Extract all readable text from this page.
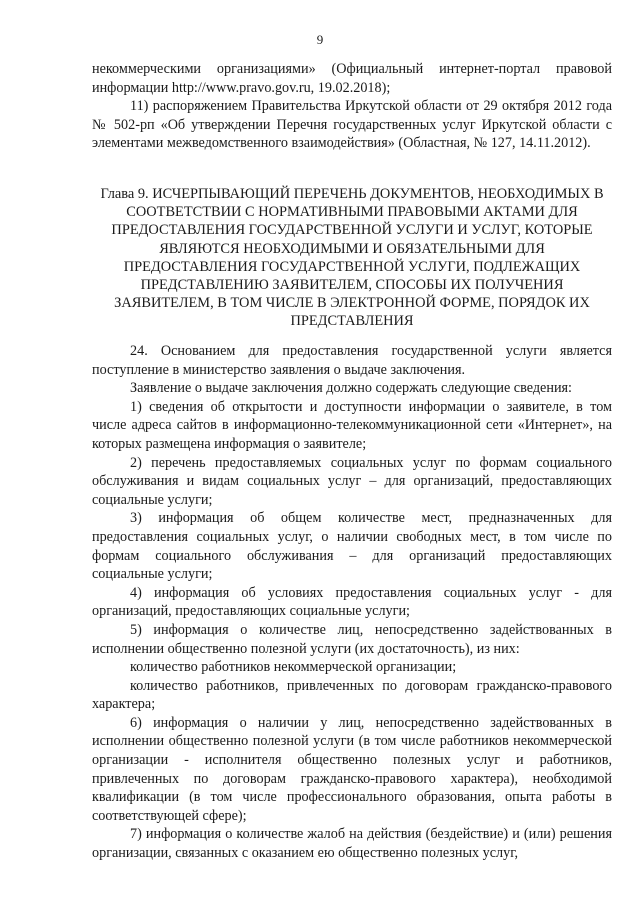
9

некоммерческими организациями» (Официальный интернет-портал правовой информации http://www.pravo.gov.ru, 19.02.2018);

11) распоряжением Правительства Иркутской области от 29 октября 2012 года № 502-рп «Об утверждении Перечня государственных услуг Иркутской области с элементами межведомственного взаимодействия» (Областная, № 127, 14.11.2012).

Глава 9. ИСЧЕРПЫВАЮЩИЙ ПЕРЕЧЕНЬ ДОКУМЕНТОВ, НЕОБХОДИМЫХ В СООТВЕТСТВИИ С НОРМАТИВНЫМИ ПРАВОВЫМИ АКТАМИ ДЛЯ ПРЕДОСТАВЛЕНИЯ ГОСУДАРСТВЕННОЙ УСЛУГИ И УСЛУГ, КОТОРЫЕ ЯВЛЯЮТСЯ НЕОБХОДИМЫМИ И ОБЯЗАТЕЛЬНЫМИ ДЛЯ ПРЕДОСТАВЛЕНИЯ ГОСУДАРСТВЕННОЙ УСЛУГИ, ПОДЛЕЖАЩИХ ПРЕДСТАВЛЕНИЮ ЗАЯВИТЕЛЕМ, СПОСОБЫ ИХ ПОЛУЧЕНИЯ ЗАЯВИТЕЛЕМ, В ТОМ ЧИСЛЕ В ЭЛЕКТРОННОЙ ФОРМЕ, ПОРЯДОК ИХ ПРЕДСТАВЛЕНИЯ

24. Основанием для предоставления государственной услуги является поступление в министерство заявления о выдаче заключения.

Заявление о выдаче заключения должно содержать следующие сведения:

1) сведения об открытости и доступности информации о заявителе, в том числе адреса сайтов в информационно-телекоммуникационной сети «Интернет», на которых размещена информация о заявителе;

2) перечень предоставляемых социальных услуг по формам социального обслуживания и видам социальных услуг – для организаций, предоставляющих социальные услуги;

3) информация об общем количестве мест, предназначенных для предоставления социальных услуг, о наличии свободных мест, в том числе по формам социального обслуживания – для организаций предоставляющих социальные услуги;

4) информация об условиях предоставления социальных услуг - для организаций, предоставляющих социальные услуги;

5) информация о количестве лиц, непосредственно задействованных в исполнении общественно полезной услуги (их достаточность), из них:

количество работников некоммерческой организации;

количество работников, привлеченных по договорам гражданско-правового характера;

6) информация о наличии у лиц, непосредственно задействованных в исполнении общественно полезной услуги (в том числе работников некоммерческой организации - исполнителя общественно полезных услуг и работников, привлеченных по договорам гражданско-правового характера), необходимой квалификации (в том числе профессионального образования, опыта работы в соответствующей сфере);

7) информация о количестве жалоб на действия (бездействие) и (или) решения организации, связанных с оказанием ею общественно полезных услуг,
